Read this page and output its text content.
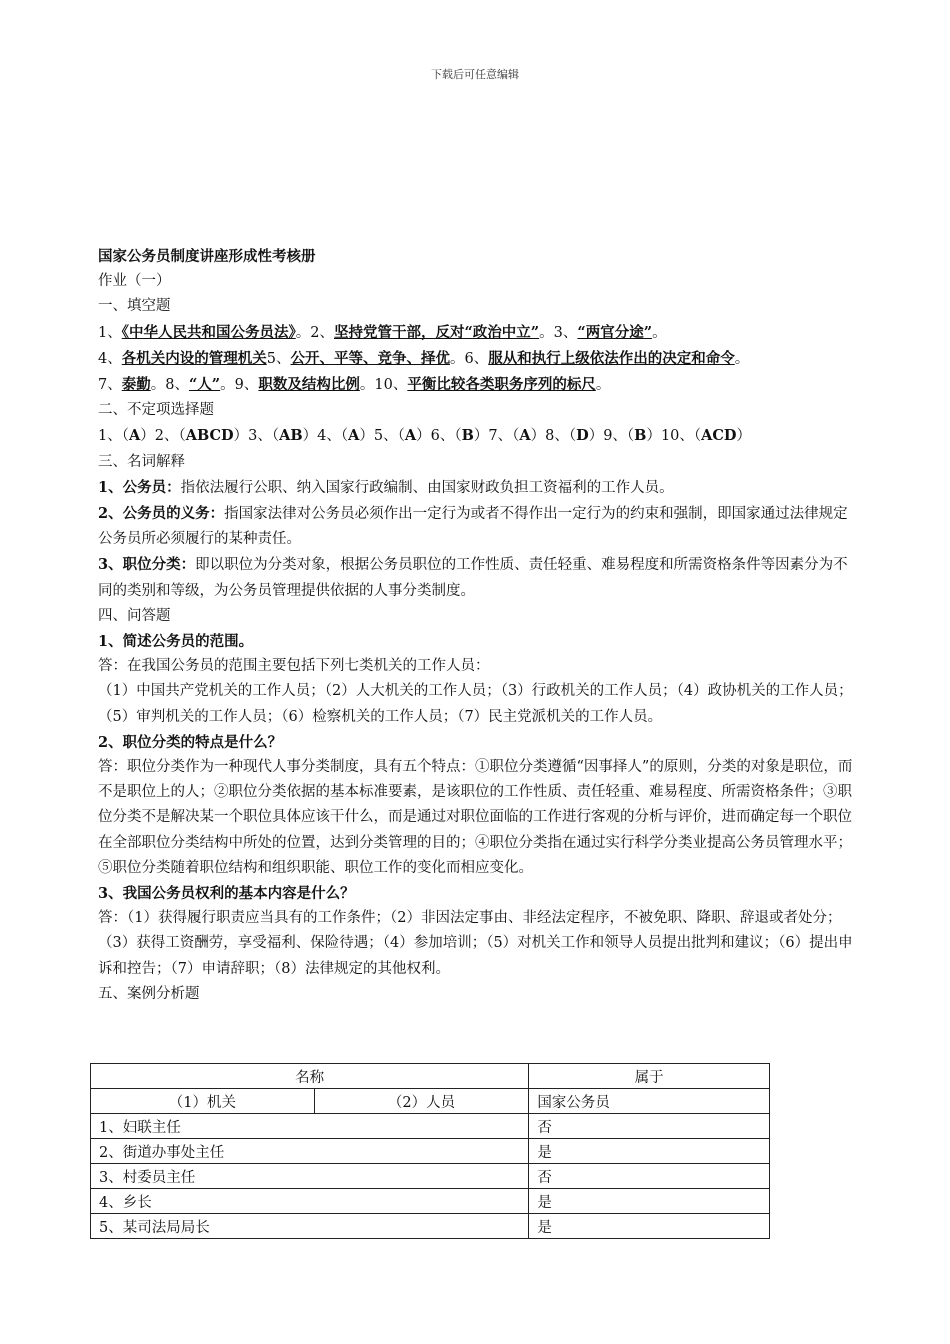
下载后可任意编辑

国家公务员制度讲座形成性考核册

作业（一）

一、填空题

1、《中华人民共和国公务员法》。2、坚持党管干部，反对“政治中立”。3、“两官分途”。

4、各机关内设的管理机关5、公开、平等、竞争、择优。6、服从和执行上级依法作出的决定和命令。

7、泰勤。8、“人”。9、职数及结构比例。10、平衡比较各类职务序列的标尺。

二、不定项选择题

1、（A）2、（ABCD）3、（AB）4、（A）5、（A）6、（B）7、（A）8、（D）9、（B）10、（ACD）

三、名词解释

1、公务员：指依法履行公职、纳入国家行政编制、由国家财政负担工资福利的工作人员。

2、公务员的义务：指国家法律对公务员必须作出一定行为或者不得作出一定行为的约束和强制，即国家通过法律规定公务员所必须履行的某种责任。

3、职位分类：即以职位为分类对象，根据公务员职位的工作性质、责任轻重、难易程度和所需资格条件等因素分为不同的类别和等级，为公务员管理提供依据的人事分类制度。

四、问答题

1、简述公务员的范围。

答：在我国公务员的范围主要包括下列七类机关的工作人员：

（1）中国共产党机关的工作人员；（2）人大机关的工作人员；（3）行政机关的工作人员；（4）政协机关的工作人员；（5）审判机关的工作人员；（6）检察机关的工作人员；（7）民主党派机关的工作人员。

2、职位分类的特点是什么？

答：职位分类作为一种现代人事分类制度，具有五个特点：①职位分类遵循“因事择人”的原则，分类的对象是职位，而不是职位上的人；②职位分类依据的基本标准要素，是该职位的工作性质、责任轻重、难易程度、所需资格条件；③职位分类不是解决某一个职位具体应该干什么，而是通过对职位面临的工作进行客观的分析与评价，进而确定每一个职位在全部职位分类结构中所处的位置，达到分类管理的目的；④职位分类指在通过实行科学分类业提高公务员管理水平；⑤职位分类随着职位结构和组织职能、职位工作的变化而相应变化。

3、我国公务员权利的基本内容是什么？

答：（1）获得履行职责应当具有的工作条件；（2）非因法定事由、非经法定程序，不被免职、降职、辞退或者处分；（3）获得工资酬劳，享受福利、保险待遇；（4）参加培训；（5）对机关工作和领导人员提出批判和建议；（6）提出申诉和控告；（7）申请辞职；（8）法律规定的其他权利。

五、案例分析题

名称		属于
（1）机关	（2）人员	国家公务员
1、妇联主任		否
2、街道办事处主任		是
3、村委员主任		否
4、乡长		是
5、某司法局局长		是
